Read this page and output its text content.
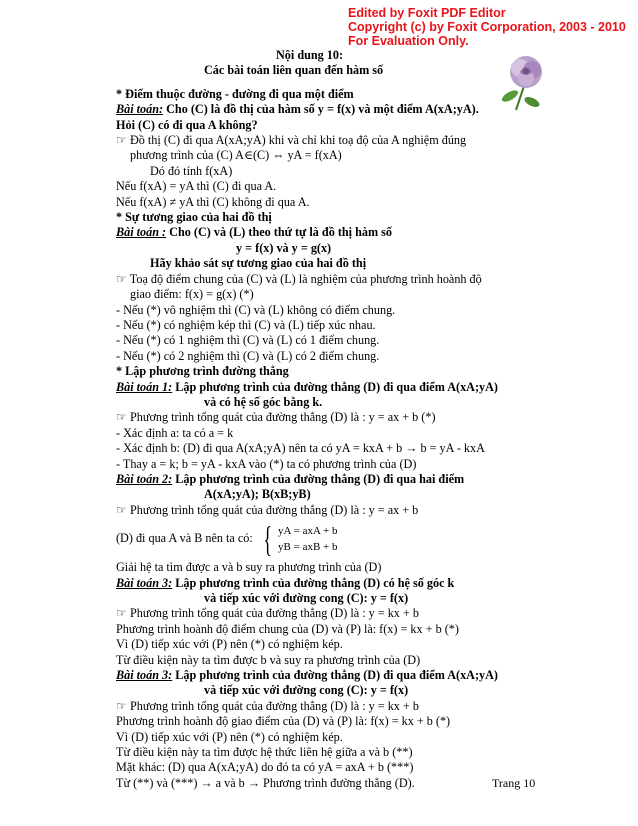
Edited by Foxit PDF Editor
Copyright (c) by Foxit Corporation, 2003 - 2010
For Evaluation Only.
Nội dung 10:
Các bài toán liên quan đến hàm số
* Điểm thuộc đường - đường đi qua một điểm
Bài toán: Cho (C) là đồ thị của hàm số y = f(x) và một điểm A(xA;yA).
Hỏi (C) có đi qua A không?
☞ Đồ thị (C) đi qua A(xA;yA) khi và chỉ khi toạ độ của A nghiệm đúng
phương trình của (C) A∈(C) ⇔ yA = f(xA)
Dó đó tính f(xA)
Nếu f(xA) = yA thì (C) đi qua A.
Nếu f(xA) ≠ yA thì (C) không đi qua A.
* Sự tương giao của hai đồ thị
Bài toán : Cho (C) và (L) theo thứ tự là đồ thị hàm số
y = f(x) và y = g(x)
Hãy khảo sát sự tương giao của hai đồ thị
☞ Toạ độ điểm chung của (C) và (L) là nghiệm của phương trình hoành độ
giao điểm: f(x) = g(x) (*)
- Nếu (*) vô nghiệm thì (C) và (L) không có điểm chung.
- Nếu (*) có nghiệm kép thì (C) và (L) tiếp xúc nhau.
- Nếu (*) có 1 nghiệm thì (C) và (L) có 1 điểm chung.
- Nếu (*) có 2 nghiệm thì (C) và (L) có 2 điểm chung.
* Lập phương trình đường thẳng
Bài toán 1: Lập phương trình của đường thẳng (D) đi qua điểm A(xA;yA)
và có hệ số góc bằng k.
☞ Phương trình tổng quát của đường thẳng (D) là : y = ax + b (*)
- Xác định a: ta có a = k
- Xác định b: (D) đi qua A(xA;yA) nên ta có yA = kxA + b → b = yA - kxA
- Thay a = k; b = yA - kxA vào (*) ta có phương trình của (D)
Bài toán 2: Lập phương trình của đường thẳng (D) đi qua hai điểm
A(xA;yA); B(xB;yB)
☞ Phương trình tổng quát của đường thẳng (D) là : y = ax + b
(D) đi qua A và B nên ta có: { yA = axA + b
yB = axB + b
Giải hệ ta tìm được a và b suy ra phương trình của (D)
Bài toán 3: Lập phương trình của đường thẳng (D) có hệ số góc k
và tiếp xúc với đường cong (C): y = f(x)
☞ Phương trình tổng quát của đường thẳng (D) là : y = kx + b
Phương trình hoành độ điểm chung của (D) và (P) là: f(x) = kx + b (*)
Vì (D) tiếp xúc với (P) nên (*) có nghiệm kép.
Từ điều kiện này ta tìm được b và suy ra phương trình của (D)
Bài toán 3: Lập phương trình của đường thẳng (D) đi qua điểm A(xA;yA)
và tiếp xúc với đường cong (C): y = f(x)
☞ Phương trình tổng quát của đường thẳng (D) là : y = kx + b
Phương trình hoành độ giao điểm của (D) và (P) là: f(x) = kx + b (*)
Vì (D) tiếp xúc với (P) nên (*) có nghiệm kép.
Từ điều kiện này ta tìm được hệ thức liên hệ giữa a và b (**)
Mặt khác: (D) qua A(xA;yA) do đó ta có yA = axA + b (***)
Từ (**) và (***) → a và b → Phương trình đường thẳng (D).	Trang 10
